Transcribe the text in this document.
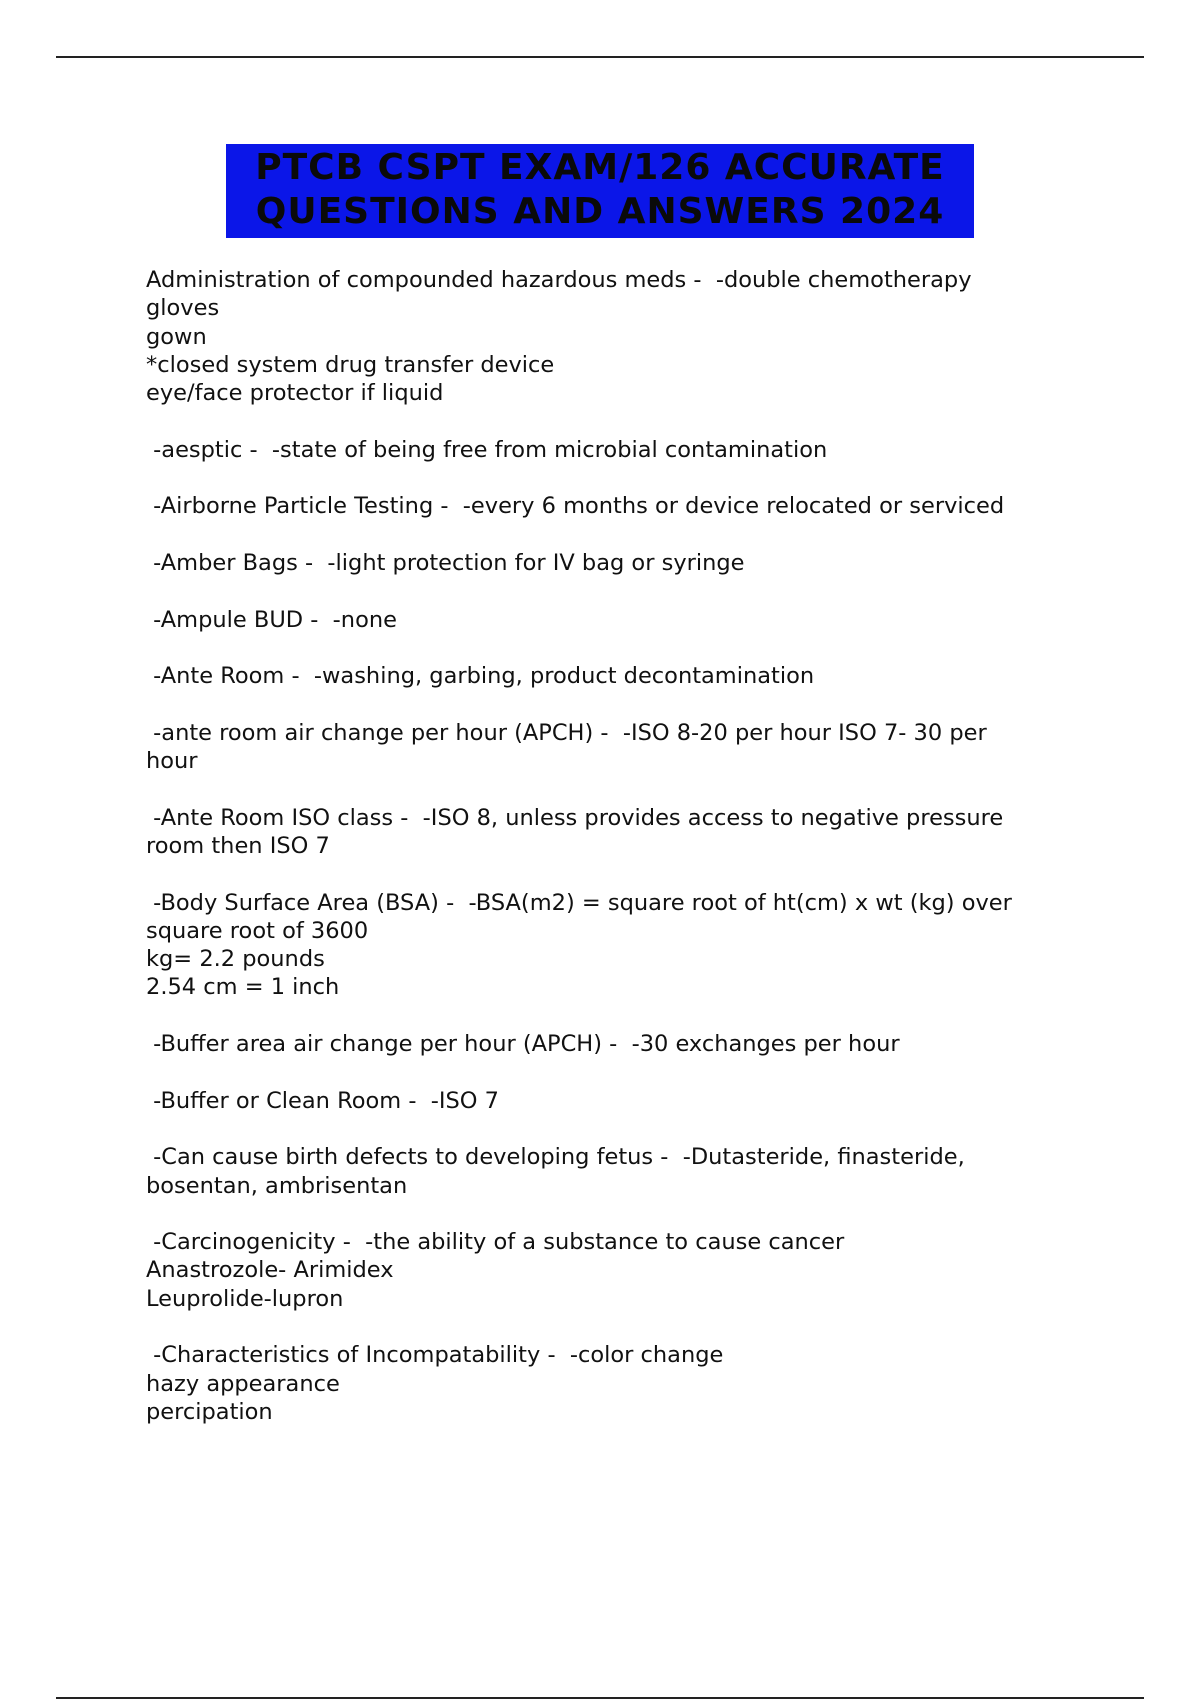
PTCB CSPT EXAM/126 ACCURATE
QUESTIONS AND ANSWERS 2024
Administration of compounded hazardous meds -  -double chemotherapy
gloves
gown
*closed system drug transfer device
eye/face protector if liquid
-aesptic -  -state of being free from microbial contamination
-Airborne Particle Testing -  -every 6 months or device relocated or serviced
-Amber Bags -  -light protection for IV bag or syringe
-Ampule BUD -  -none
-Ante Room -  -washing, garbing, product decontamination
-ante room air change per hour (APCH) -  -ISO 8-20 per hour ISO 7- 30 per
hour
-Ante Room ISO class -  -ISO 8, unless provides access to negative pressure
room then ISO 7
-Body Surface Area (BSA) -  -BSA(m2) = square root of ht(cm) x wt (kg) over
square root of 3600
kg= 2.2 pounds
2.54 cm = 1 inch
-Buffer area air change per hour (APCH) -  -30 exchanges per hour
-Buffer or Clean Room -  -ISO 7
-Can cause birth defects to developing fetus -  -Dutasteride, finasteride,
bosentan, ambrisentan
-Carcinogenicity -  -the ability of a substance to cause cancer
Anastrozole- Arimidex
Leuprolide-lupron
-Characteristics of Incompatability -  -color change
hazy appearance
percipation
